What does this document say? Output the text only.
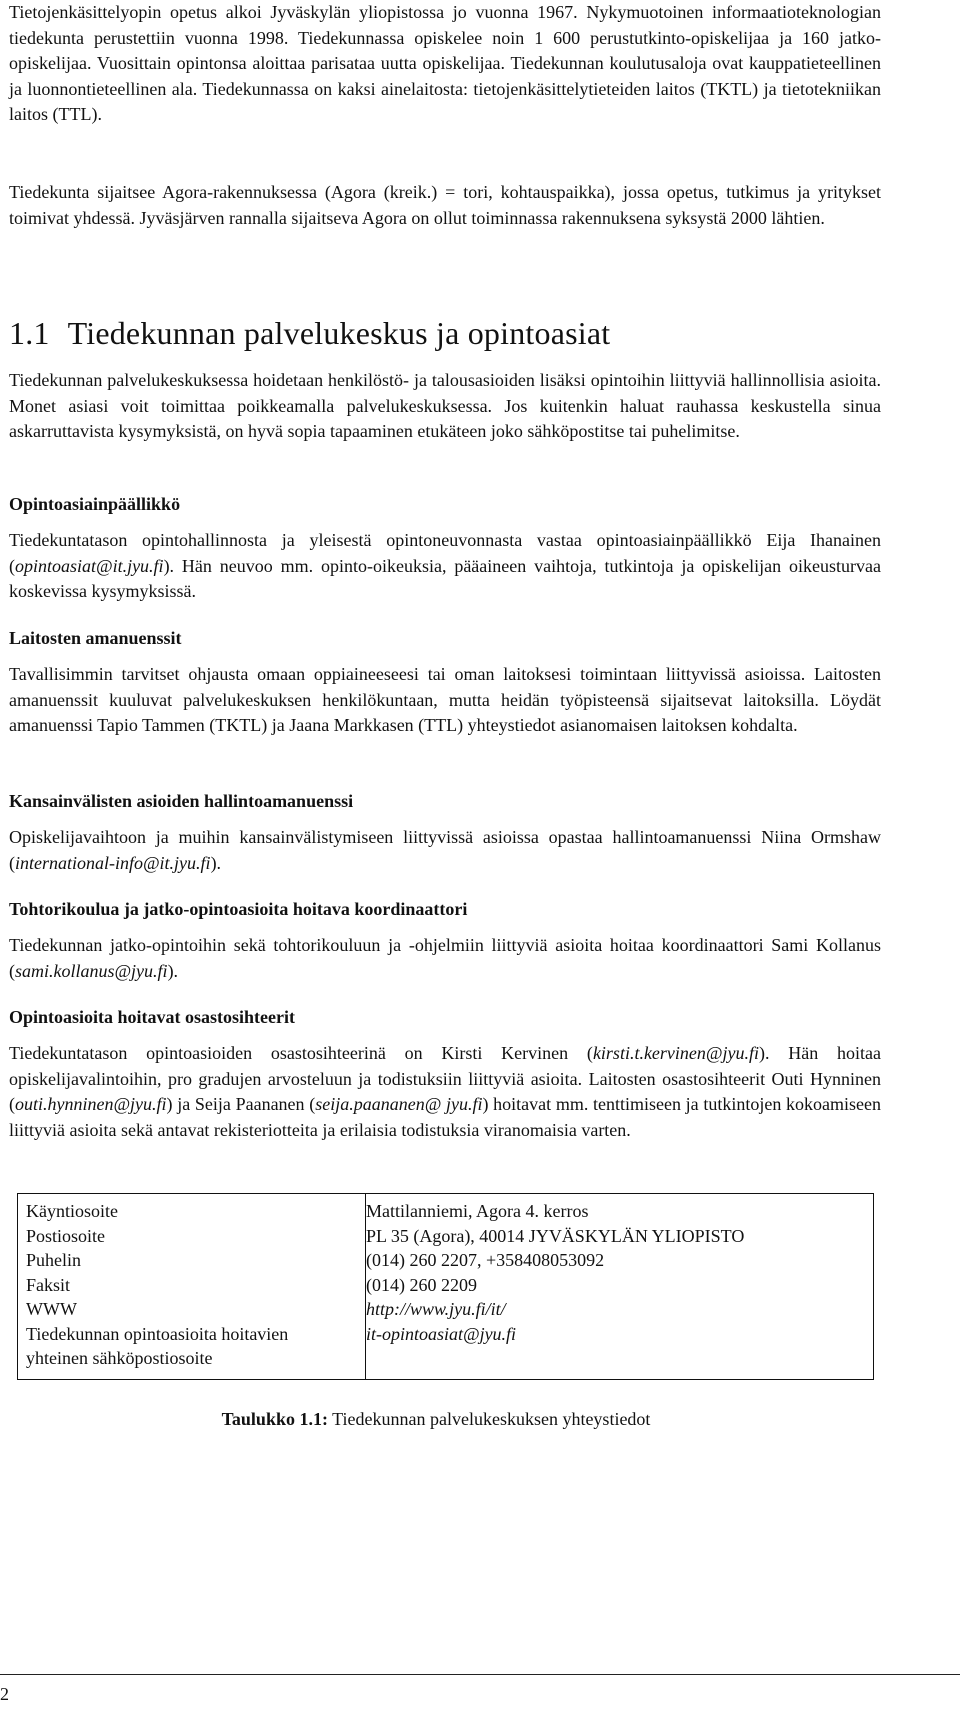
Tietojenkäsittelyopin opetus alkoi Jyväskylän yliopistossa jo vuonna 1967. Nykymuotoinen informaatioteknologian tiedekunta perustettiin vuonna 1998. Tiedekunnassa opiskelee noin 1 600 perustutkinto-opiskelijaa ja 160 jatko-opiskelijaa. Vuosittain opintonsa aloittaa parisataa uutta opiskelijaa. Tiedekunnan koulutusaloja ovat kauppatieteellinen ja luonnontieteellinen ala. Tiedekunnassa on kaksi ainelaitosta: tietojenkäsittelytieteiden laitos (TKTL) ja tietotekniikan laitos (TTL).

Tiedekunta sijaitsee Agora-rakennuksessa (Agora (kreik.) = tori, kohtauspaikka), jossa opetus, tutkimus ja yritykset toimivat yhdessä. Jyväsjärven rannalla sijaitseva Agora on ollut toiminnassa rakennuksena syksystä 2000 lähtien.

1.1 Tiedekunnan palvelukeskus ja opintoasiat

Tiedekunnan palvelukeskuksessa hoidetaan henkilöstö- ja talousasioiden lisäksi opintoihin liittyviä hallinnollisia asioita. Monet asiasi voit toimittaa poikkeamalla palvelukeskuksessa. Jos kuitenkin haluat rauhassa keskustella sinua askarruttavista kysymyksistä, on hyvä sopia tapaaminen etukäteen joko sähköpostitse tai puhelimitse.

Opintoasiainpäällikkö

Tiedekuntatason opintohallinnosta ja yleisestä opintoneuvonnasta vastaa opintoasiainpäällikkö Eija Ihanainen (opintoasiat@it.jyu.fi). Hän neuvoo mm. opinto-oikeuksia, pääaineen vaihtoja, tutkintoja ja opiskelijan oikeusturvaa koskevissa kysymyksissä.

Laitosten amanuenssit

Tavallisimmin tarvitset ohjausta omaan oppiaineeseesi tai oman laitoksesi toimintaan liittyvissä asioissa. Laitosten amanuenssit kuuluvat palvelukeskuksen henkilökuntaan, mutta heidän työpisteensä sijaitsevat laitoksilla. Löydät amanuenssi Tapio Tammen (TKTL) ja Jaana Markkasen (TTL) yhteystiedot asianomaisen laitoksen kohdalta.

Kansainvälisten asioiden hallintoamanuenssi

Opiskelijavaihtoon ja muihin kansainvälistymiseen liittyvissä asioissa opastaa hallintoamanuenssi Niina Ormshaw (international-info@it.jyu.fi).

Tohtorikoulua ja jatko-opintoasioita hoitava koordinaattori

Tiedekunnan jatko-opintoihin sekä tohtorikouluun ja -ohjelmiin liittyviä asioita hoitaa koordinaattori Sami Kollanus (sami.kollanus@jyu.fi).

Opintoasioita hoitavat osastosihteerit

Tiedekuntatason opintoasioiden osastosihteerinä on Kirsti Kervinen (kirsti.t.kervinen@jyu.fi). Hän hoitaa opiskelijavalintoihin, pro gradujen arvosteluun ja todistuksiin liittyviä asioita. Laitosten osastosihteerit Outi Hynninen (outi.hynninen@jyu.fi) ja Seija Paananen (seija.paananen@ jyu.fi) hoitavat mm. tenttimiseen ja tutkintojen kokoamiseen liittyviä asioita sekä antavat rekisteriotteita ja erilaisia todistuksia viranomaisia varten.

Käyntiosoite	Mattilanniemi, Agora 4. kerros
Postiosoite	PL 35 (Agora), 40014 JYVÄSKYLÄN YLIOPISTO
Puhelin	(014) 260 2207, +358408053092
Faksit	(014) 260 2209
WWW	http://www.jyu.fi/it/
Tiedekunnan opintoasioita hoitavien yhteinen sähköpostiosoite	it-opintoasiat@jyu.fi
Taulukko 1.1: Tiedekunnan palvelukeskuksen yhteystiedot
2
